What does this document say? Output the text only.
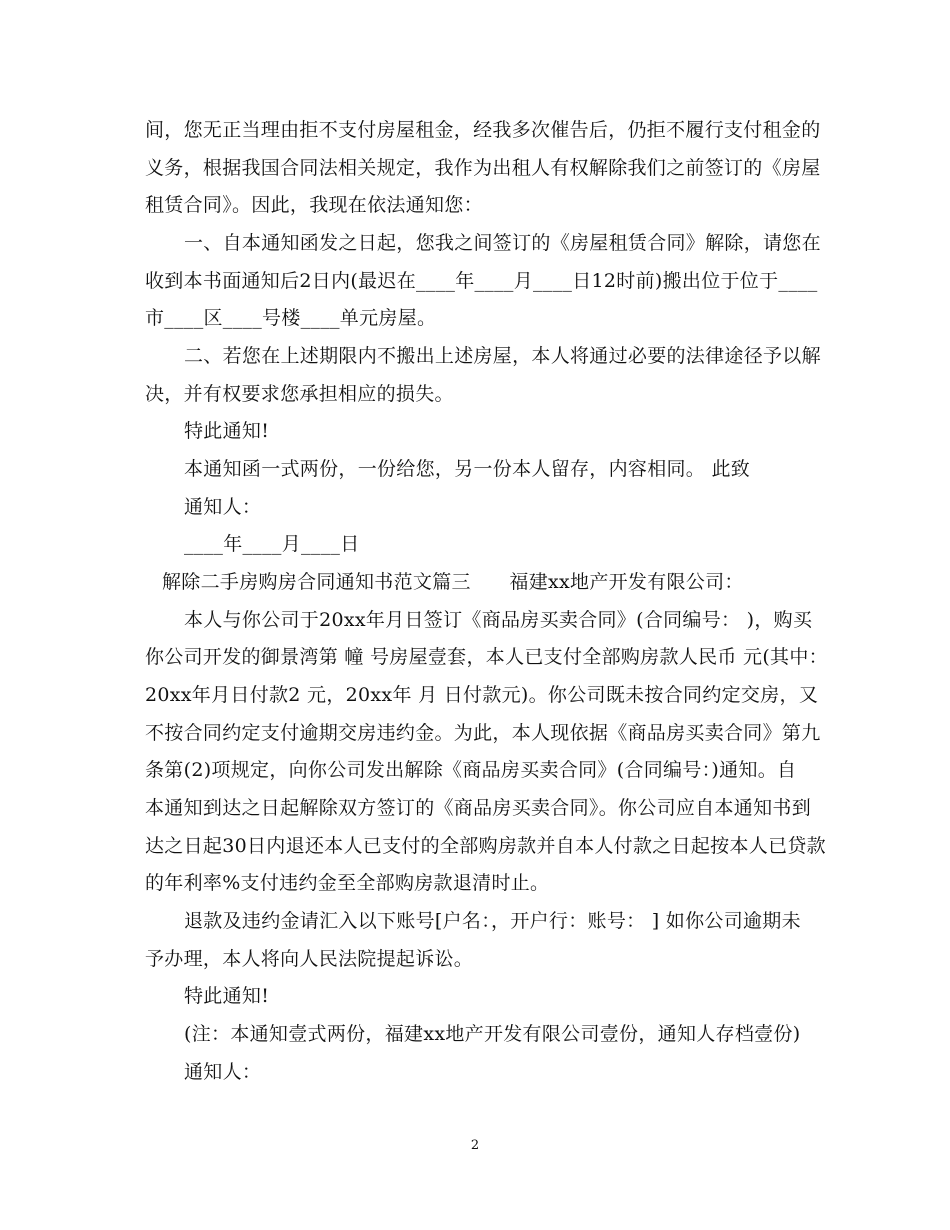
间，您无正当理由拒不支付房屋租金，经我多次催告后，仍拒不履行支付租金的
义务，根据我国合同法相关规定，我作为出租人有权解除我们之前签订的《房屋
租赁合同》。因此，我现在依法通知您：
一、自本通知函发之日起，您我之间签订的《房屋租赁合同》解除，请您在
收到本书面通知后2日内(最迟在____年____月____日12时前)搬出位于位于____
市____区____号楼____单元房屋。
二、若您在上述期限内不搬出上述房屋，本人将通过必要的法律途径予以解
决，并有权要求您承担相应的损失。
特此通知!
本通知函一式两份，一份给您，另一份本人留存，内容相同。 此致
通知人：
____年____月____日
解除二手房购房合同通知书范文篇三　　福建xx地产开发有限公司：
本人与你公司于20xx年月日签订《商品房买卖合同》(合同编号： )，购买
你公司开发的御景湾第 幢 号房屋壹套，本人已支付全部购房款人民币 元(其中：
20xx年月日付款2 元，20xx年 月 日付款元)。你公司既未按合同约定交房，又
不按合同约定支付逾期交房违约金。为此，本人现依据《商品房买卖合同》第九
条第(2)项规定，向你公司发出解除《商品房买卖合同》(合同编号：)通知。自
本通知到达之日起解除双方签订的《商品房买卖合同》。你公司应自本通知书到
达之日起30日内退还本人已支付的全部购房款并自本人付款之日起按本人已贷款
的年利率%支付违约金至全部购房款退清时止。
退款及违约金请汇入以下账号[户名：，开户行：账号： ] 如你公司逾期未
予办理，本人将向人民法院提起诉讼。
特此通知!
(注：本通知壹式两份，福建xx地产开发有限公司壹份，通知人存档壹份)
通知人：
2
